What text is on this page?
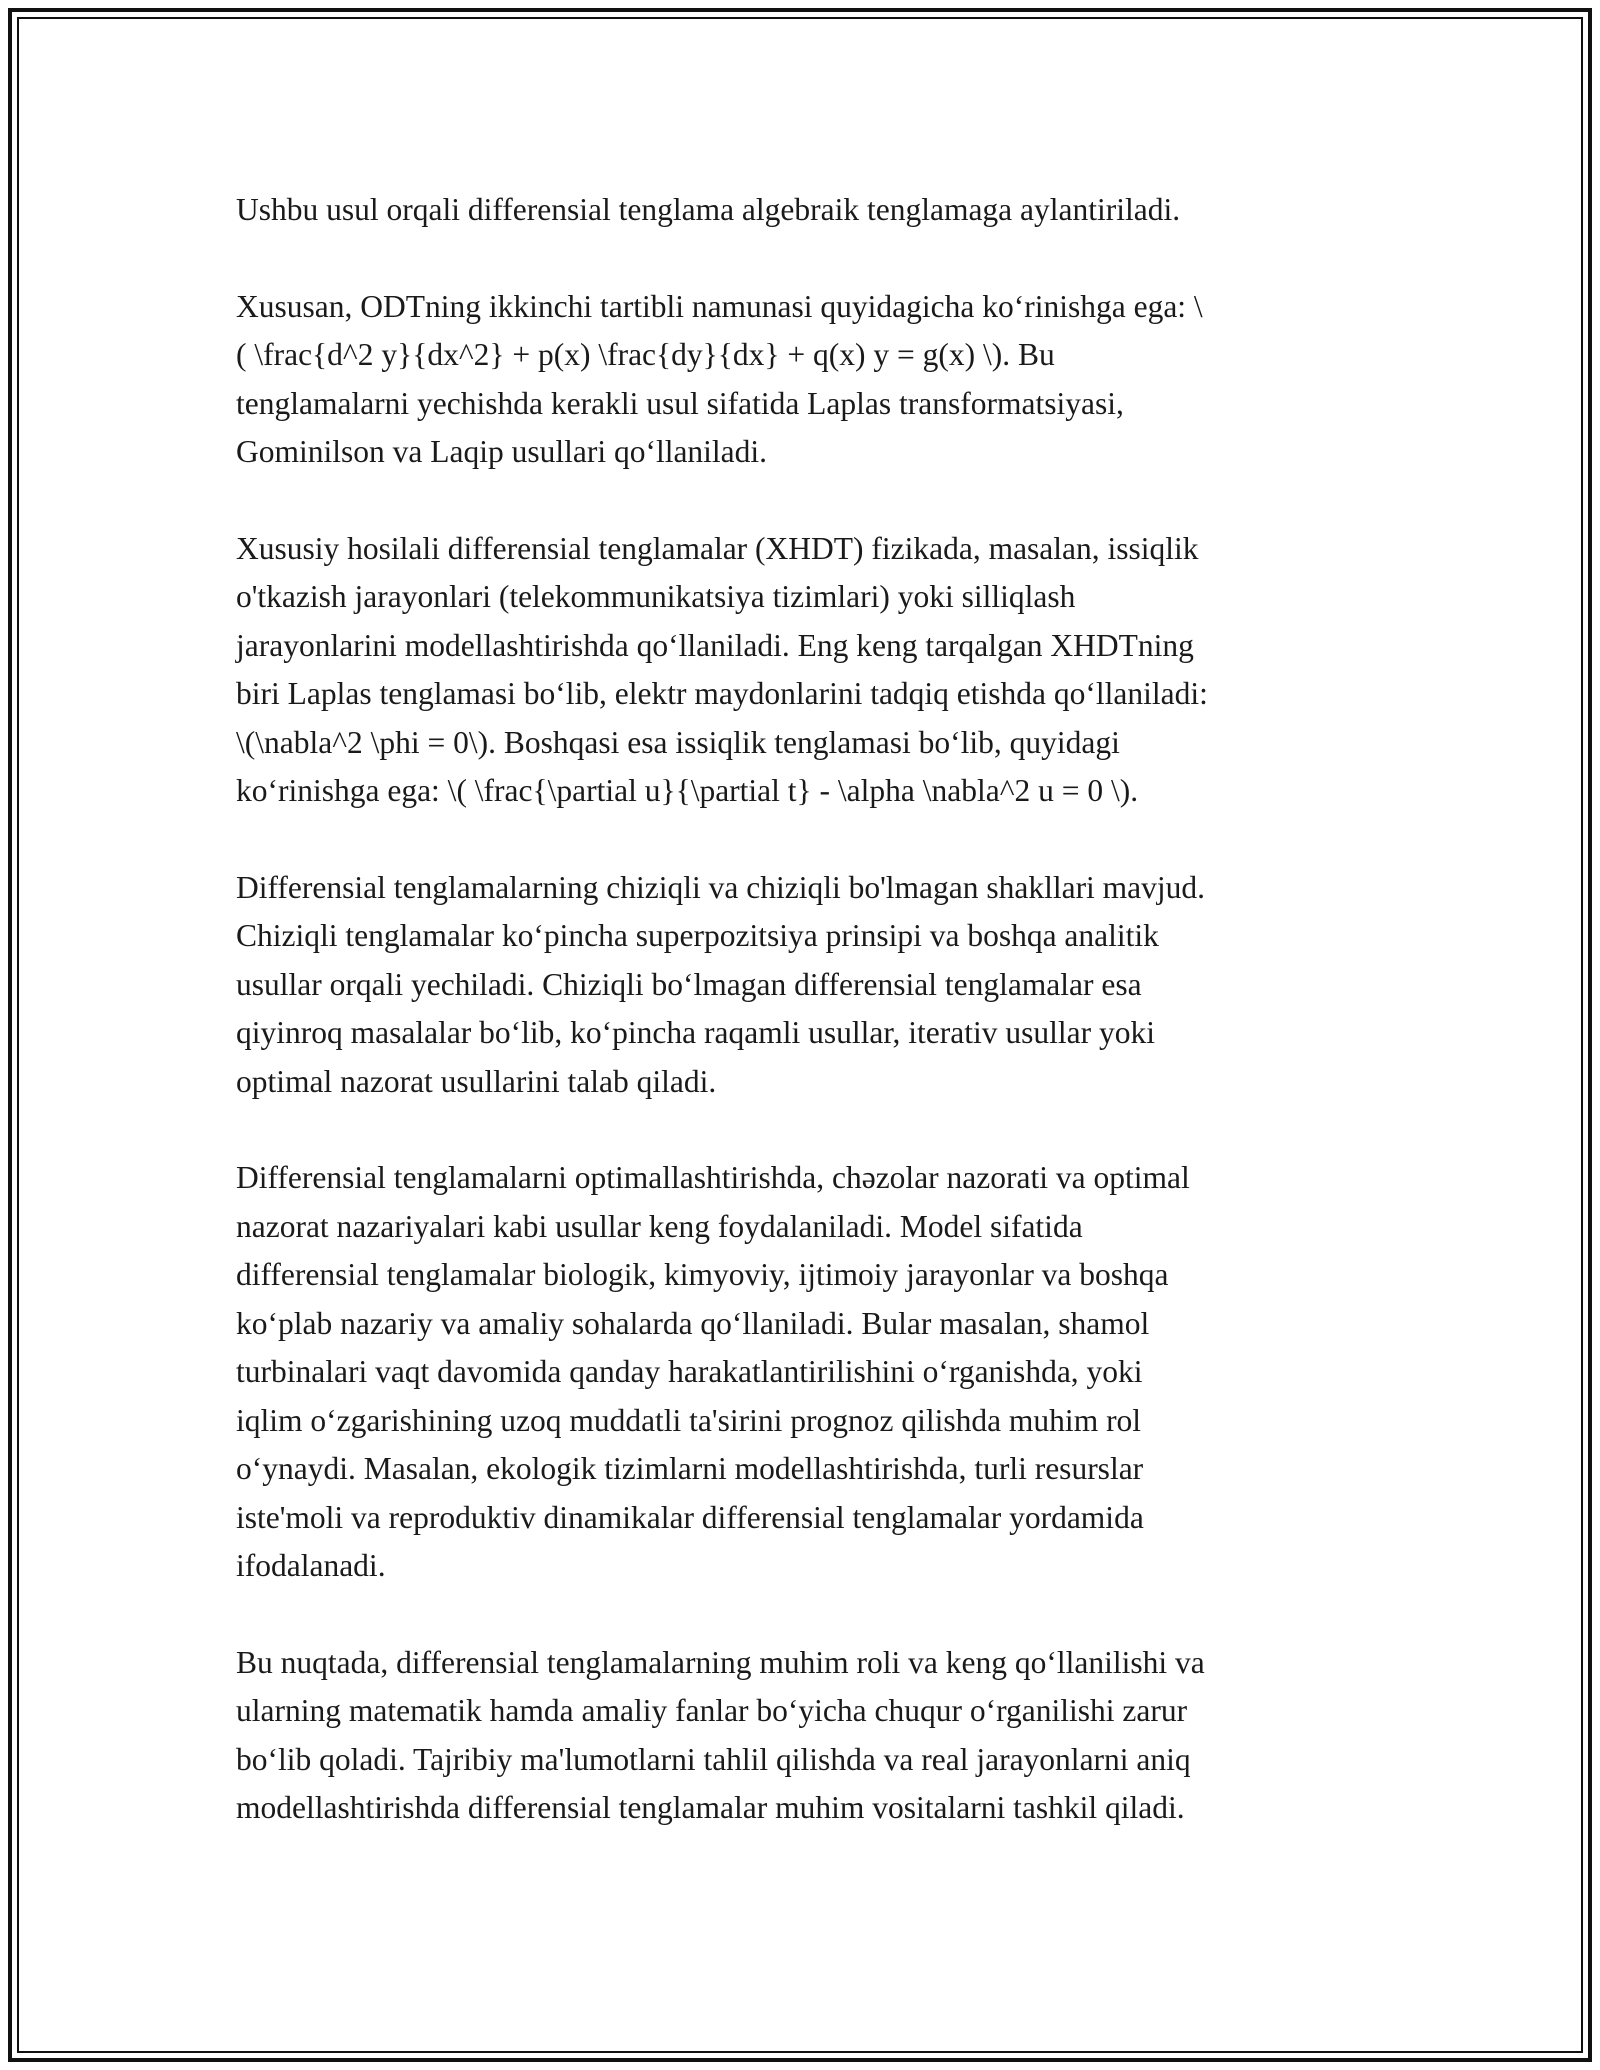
Ushbu usul orqali differensial tenglama algebraik tenglamaga aylantiriladi.

Xususan, ODTning ikkinchi tartibli namunasi quyidagicha koʻrinishga ega: \
( \frac{d^2 y}{dx^2} + p(x) \frac{dy}{dx} + q(x) y = g(x) \). Bu
tenglamalarni yechishda kerakli usul sifatida Laplas transformatsiyasi,
Gominilson va Laqip usullari qoʻllaniladi.

Xususiy hosilali differensial tenglamalar (XHDT) fizikada, masalan, issiqlik
o'tkazish jarayonlari (telekommunikatsiya tizimlari) yoki silliqlash
jarayonlarini modellashtirishda qoʻllaniladi. Eng keng tarqalgan XHDTning
biri Laplas tenglamasi boʻlib, elektr maydonlarini tadqiq etishda qoʻllaniladi:
\(\nabla^2 \phi = 0\). Boshqasi esa issiqlik tenglamasi boʻlib, quyidagi
koʻrinishga ega: \( \frac{\partial u}{\partial t} - \alpha \nabla^2 u = 0 \).

Differensial tenglamalarning chiziqli va chiziqli bo'lmagan shakllari mavjud.
Chiziqli tenglamalar koʻpincha superpozitsiya prinsipi va boshqa analitik
usullar orqali yechiladi. Chiziqli boʻlmagan differensial tenglamalar esa
qiyinroq masalalar boʻlib, koʻpincha raqamli usullar, iterativ usullar yoki
optimal nazorat usullarini talab qiladi.

Differensial tenglamalarni optimallashtirishda, chəzolar nazorati va optimal
nazorat nazariyalari kabi usullar keng foydalaniladi. Model sifatida
differensial tenglamalar biologik, kimyoviy, ijtimoiy jarayonlar va boshqa
koʻplab nazariy va amaliy sohalarda qoʻllaniladi. Bular masalan, shamol
turbinalari vaqt davomida qanday harakatlantirilishini oʻrganishda, yoki
iqlim oʻzgarishining uzoq muddatli ta'sirini prognoz qilishda muhim rol
oʻynaydi. Masalan, ekologik tizimlarni modellashtirishda, turli resurslar
iste'moli va reproduktiv dinamikalar differensial tenglamalar yordamida
ifodalanadi.

Bu nuqtada, differensial tenglamalarning muhim roli va keng qoʻllanilishi va
ularning matematik hamda amaliy fanlar boʻyicha chuqur oʻrganilishi zarur
boʻlib qoladi. Tajribiy ma'lumotlarni tahlil qilishda va real jarayonlarni aniq
modellashtirishda differensial tenglamalar muhim vositalarni tashkil qiladi.
